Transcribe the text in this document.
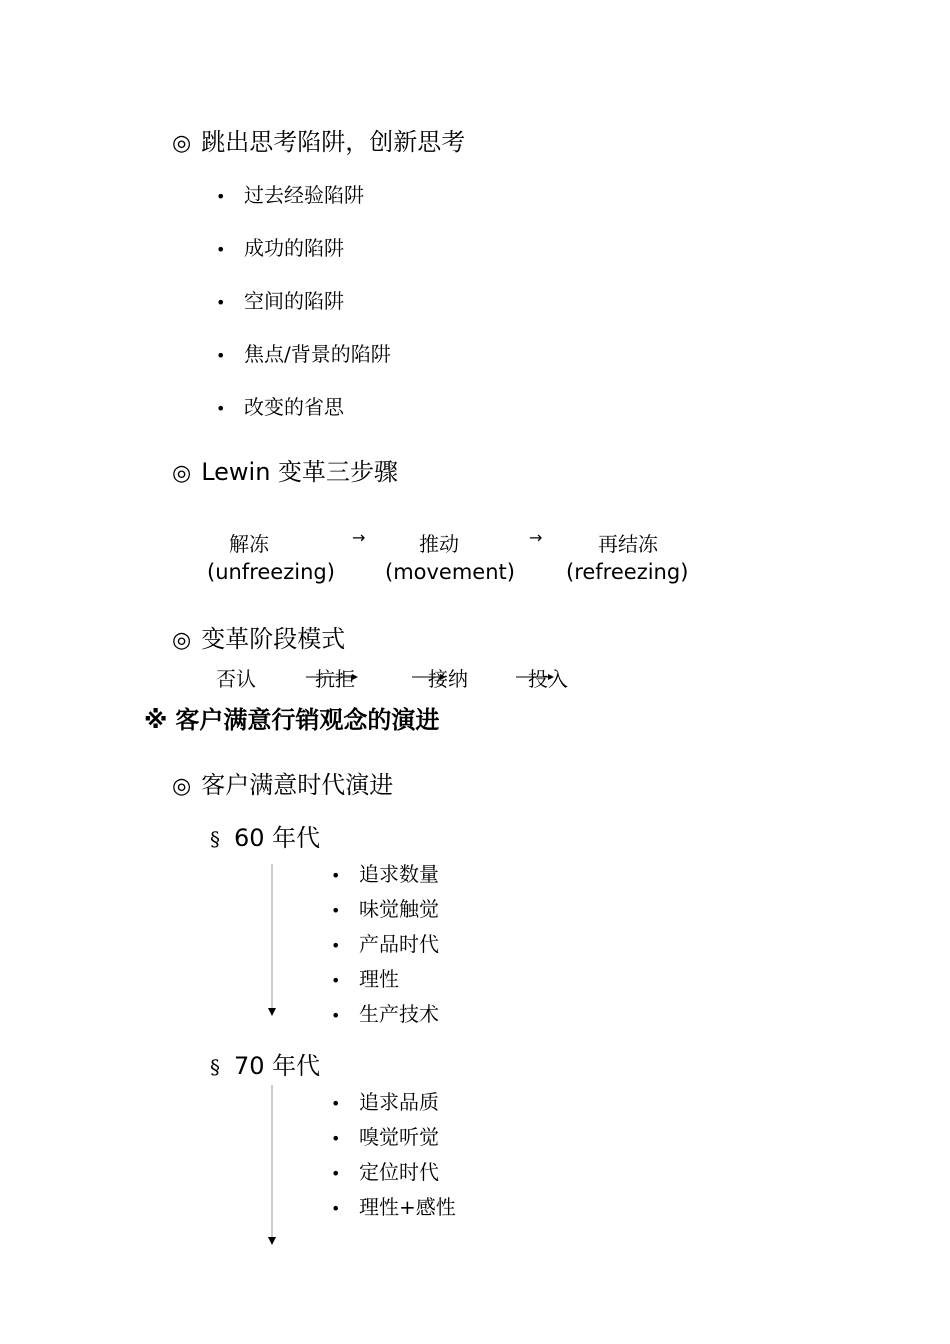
◎ 跳出思考陷阱，创新思考
• 过去经验陷阱
• 成功的陷阱
• 空间的陷阱
• 焦点/背景的陷阱
• 改变的省思
◎ Lewin 变革三步骤
解冻	→	推动	→	再结冻
(unfreezing) (movement) (refreezing)
◎ 变革阶段模式
否认	抗拒	接纳	投入
※ 客户满意行销观念的演进
◎ 客户满意时代演进
§ 60 年代
• 追求数量
• 味觉触觉
• 产品时代
• 理性
• 生产技术
§ 70 年代
• 追求品质
• 嗅觉听觉
• 定位时代
• 理性+感性
